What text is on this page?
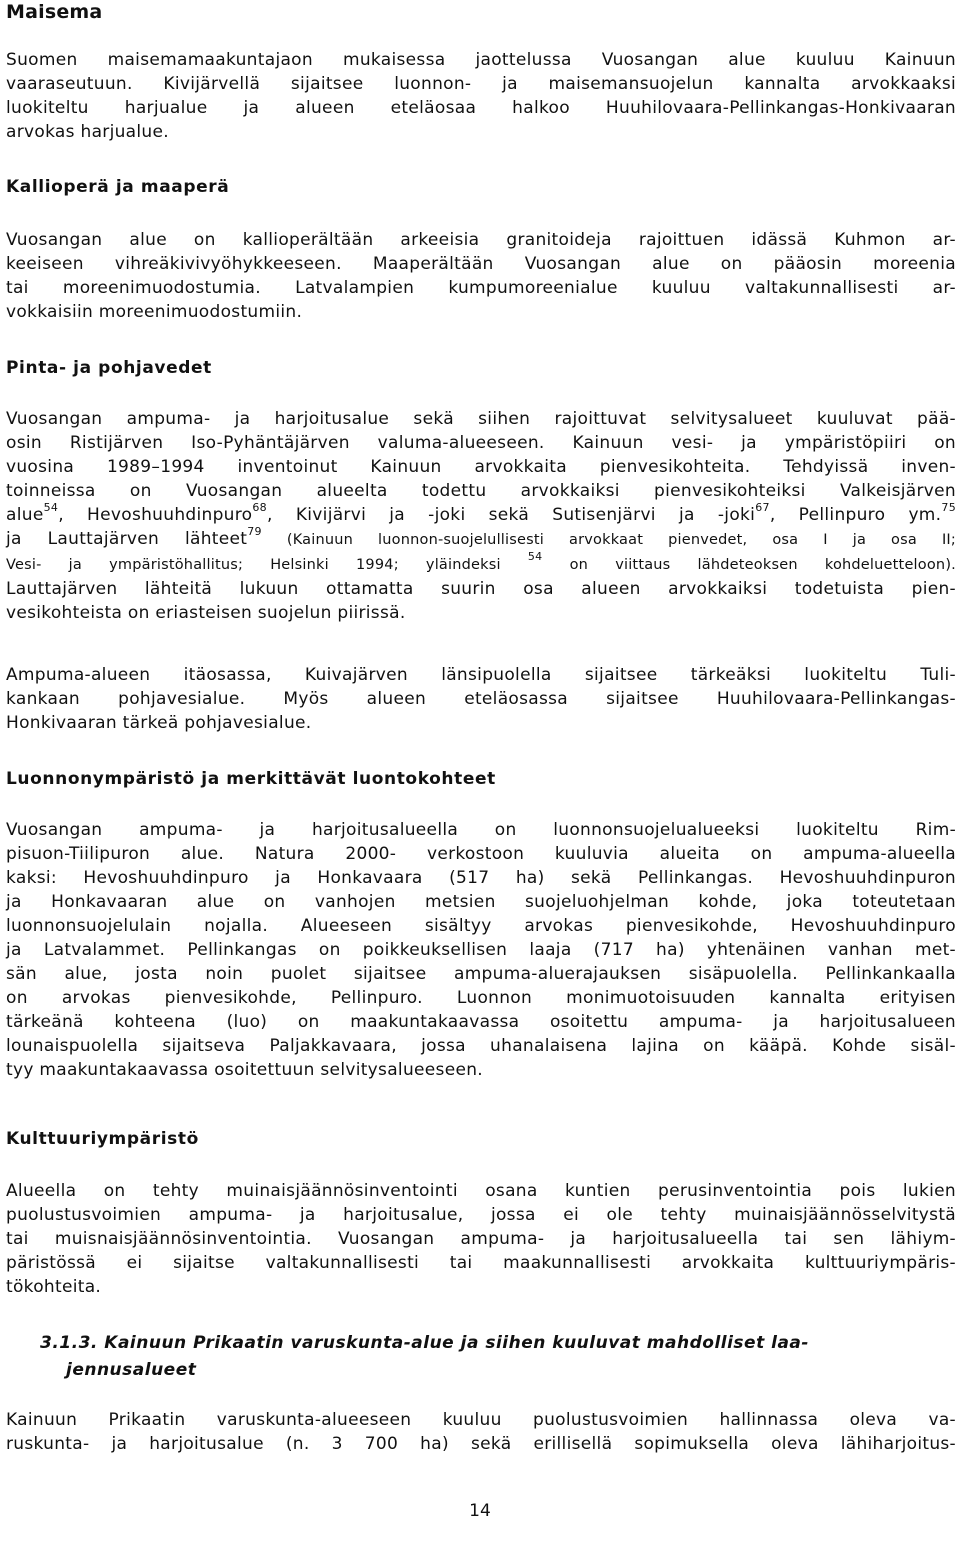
Maisema

Suomen maisemamaakuntajaon mukaisessa jaottelussa Vuosangan alue kuuluu Kainuun
vaaraseutuun. Kivijärvellä sijaitsee luonnon- ja maisemansuojelun kannalta arvokkaaksi
luokiteltu harjualue ja alueen eteläosaa halkoo Huuhilovaara-Pellinkangas-Honkivaaran
arvokas harjualue.

Kallioperä ja maaperä

Vuosangan alue on kallioperältään arkeeisia granitoideja rajoittuen idässä Kuhmon ar-
keeiseen vihreäkivivyöhykkeeseen. Maaperältään Vuosangan alue on pääosin moreenia
tai moreenimuodostumia. Latvalampien kumpumoreenialue kuuluu valtakunnallisesti ar-
vokkaisiin moreenimuodostumiin.

Pinta- ja pohjavedet

Vuosangan ampuma- ja harjoitusalue sekä siihen rajoittuvat selvitysalueet kuuluvat pää-
osin Ristijärven Iso-Pyhäntäjärven valuma-alueeseen. Kainuun vesi- ja ympäristöpiiri on
vuosina 1989–1994 inventoinut Kainuun arvokkaita pienvesikohteita. Tehdyissä inven-
toinneissa on Vuosangan alueelta todettu arvokkaiksi pienvesikohteiksi Valkeisjärven
alue$^{54}$, Hevoshuuhdinpuro$^{68}$, Kivijärvi ja -joki sekä Sutisenjärvi ja -joki$^{67}$, Pellinpuro ym.$^{75}$
ja Lauttajärven lähteet$^{79}$ (Kainuun luonnon-suojelullisesti arvokkaat pienvedet, osa I ja osa II;
Vesi- ja ympäristöhallitus; Helsinki 1994; yläindeksi $^{54}$ on viittaus lähdeteoksen kohdeluetteloon).
Lauttajärven lähteitä lukuun ottamatta suurin osa alueen arvokkaiksi todetuista pien-
vesikohteista on eriasteisen suojelun piirissä.

Ampuma-alueen itäosassa, Kuivajärven länsipuolella sijaitsee tärkeäksi luokiteltu Tuli-
kankaan pohjavesialue. Myös alueen eteläosassa sijaitsee Huuhilovaara-Pellinkangas-
Honkivaaran tärkeä pohjavesialue.

Luonnonympäristö ja merkittävät luontokohteet

Vuosangan ampuma- ja harjoitusalueella on luonnonsuojelualueeksi luokiteltu Rim-
pisuon-Tiilipuron alue. Natura 2000- verkostoon kuuluvia alueita on ampuma-alueella
kaksi: Hevoshuuhdinpuro ja Honkavaara (517 ha) sekä Pellinkangas. Hevoshuuhdinpuron
ja Honkavaaran alue on vanhojen metsien suojeluohjelman kohde, joka toteutetaan
luonnonsuojelulain nojalla. Alueeseen sisältyy arvokas pienvesikohde, Hevoshuuhdinpuro
ja Latvalammet. Pellinkangas on poikkeuksellisen laaja (717 ha) yhtenäinen vanhan met-
sän alue, josta noin puolet sijaitsee ampuma-aluerajauksen sisäpuolella. Pellinkankaalla
on arvokas pienvesikohde, Pellinpuro. Luonnon monimuotoisuuden kannalta erityisen
tärkeänä kohteena (luo) on maakuntakaavassa osoitettu ampuma- ja harjoitusalueen
lounaispuolella sijaitseva Paljakkavaara, jossa uhanalaisena lajina on kääpä. Kohde sisäl-
tyy maakuntakaavassa osoitettuun selvitysalueeseen.

Kulttuuriympäristö

Alueella on tehty muinaisjäännösinventointi osana kuntien perusinventointia pois lukien
puolustusvoimien ampuma- ja harjoitusalue, jossa ei ole tehty muinaisjäännösselvitystä
tai muisnaisjäännösinventointia. Vuosangan ampuma- ja harjoitusalueella tai sen lähiym-
päristössä ei sijaitse valtakunnallisesti tai maakunnallisesti arvokkaita kulttuuriympäris-
tökohteita.

3.1.3. Kainuun Prikaatin varuskunta-alue ja siihen kuuluvat mahdolliset laa-
jennusalueet

Kainuun Prikaatin varuskunta-alueeseen kuuluu puolustusvoimien hallinnassa oleva va-
ruskunta- ja harjoitusalue (n. 3 700 ha) sekä erillisellä sopimuksella oleva lähiharjoitus-

14
